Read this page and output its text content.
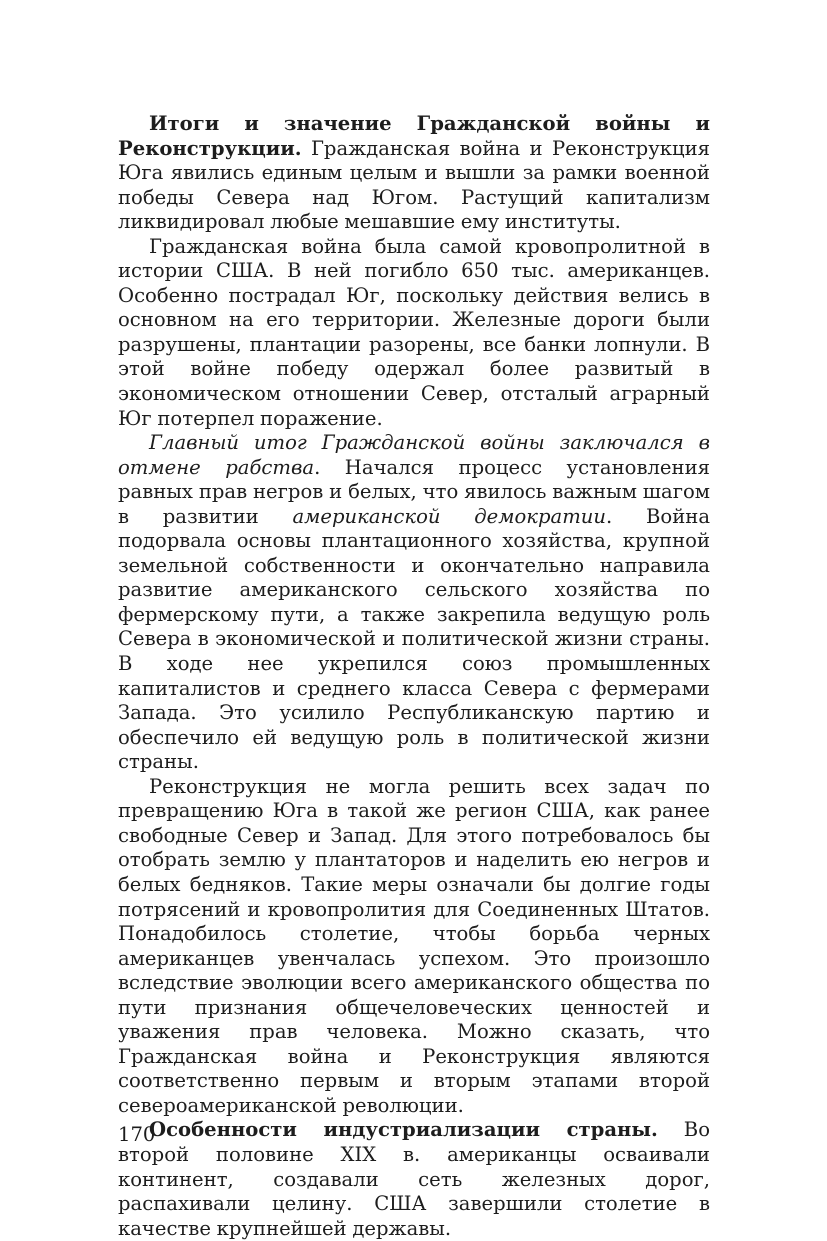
Итоги и значение Гражданской войны и Реконструкции. Гражданская война и Реконструкция Юга явились единым целым и вышли за рамки военной победы Севера над Югом. Растущий капитализм ликвидировал любые мешавшие ему институты.

Гражданская война была самой кровопролитной в истории США. В ней погибло 650 тыс. американцев. Особенно пострадал Юг, поскольку действия велись в основном на его территории. Железные дороги были разрушены, плантации разорены, все банки лопнули. В этой войне победу одержал более развитый в экономическом отношении Север, отсталый аграрный Юг потерпел поражение.

Главный итог Гражданской войны заключался в отмене рабства. Начался процесс установления равных прав негров и белых, что явилось важным шагом в развитии американской демократии. Война подорвала основы плантационного хозяйства, крупной земельной собственности и окончательно направила развитие американского сельского хозяйства по фермерскому пути, а также закрепила ведущую роль Севера в экономической и политической жизни страны. В ходе нее укрепился союз промышленных капиталистов и среднего класса Севера с фермерами Запада. Это усилило Республиканскую партию и обеспечило ей ведущую роль в политической жизни страны.

Реконструкция не могла решить всех задач по превращению Юга в такой же регион США, как ранее свободные Север и Запад. Для этого потребовалось бы отобрать землю у плантаторов и наделить ею негров и белых бедняков. Такие меры означали бы долгие годы потрясений и кровопролития для Соединенных Штатов. Понадобилось столетие, чтобы борьба черных американцев увенчалась успехом. Это произошло вследствие эволюции всего американского общества по пути признания общечеловеческих ценностей и уважения прав человека. Можно сказать, что Гражданская война и Реконструкция являются соответственно первым и вторым этапами второй североамериканской революции.

Особенности индустриализации страны. Во второй половине XIX в. американцы осваивали континент, создавали сеть железных дорог, распахивали целину. США завершили столетие в качестве крупнейшей державы.

170
